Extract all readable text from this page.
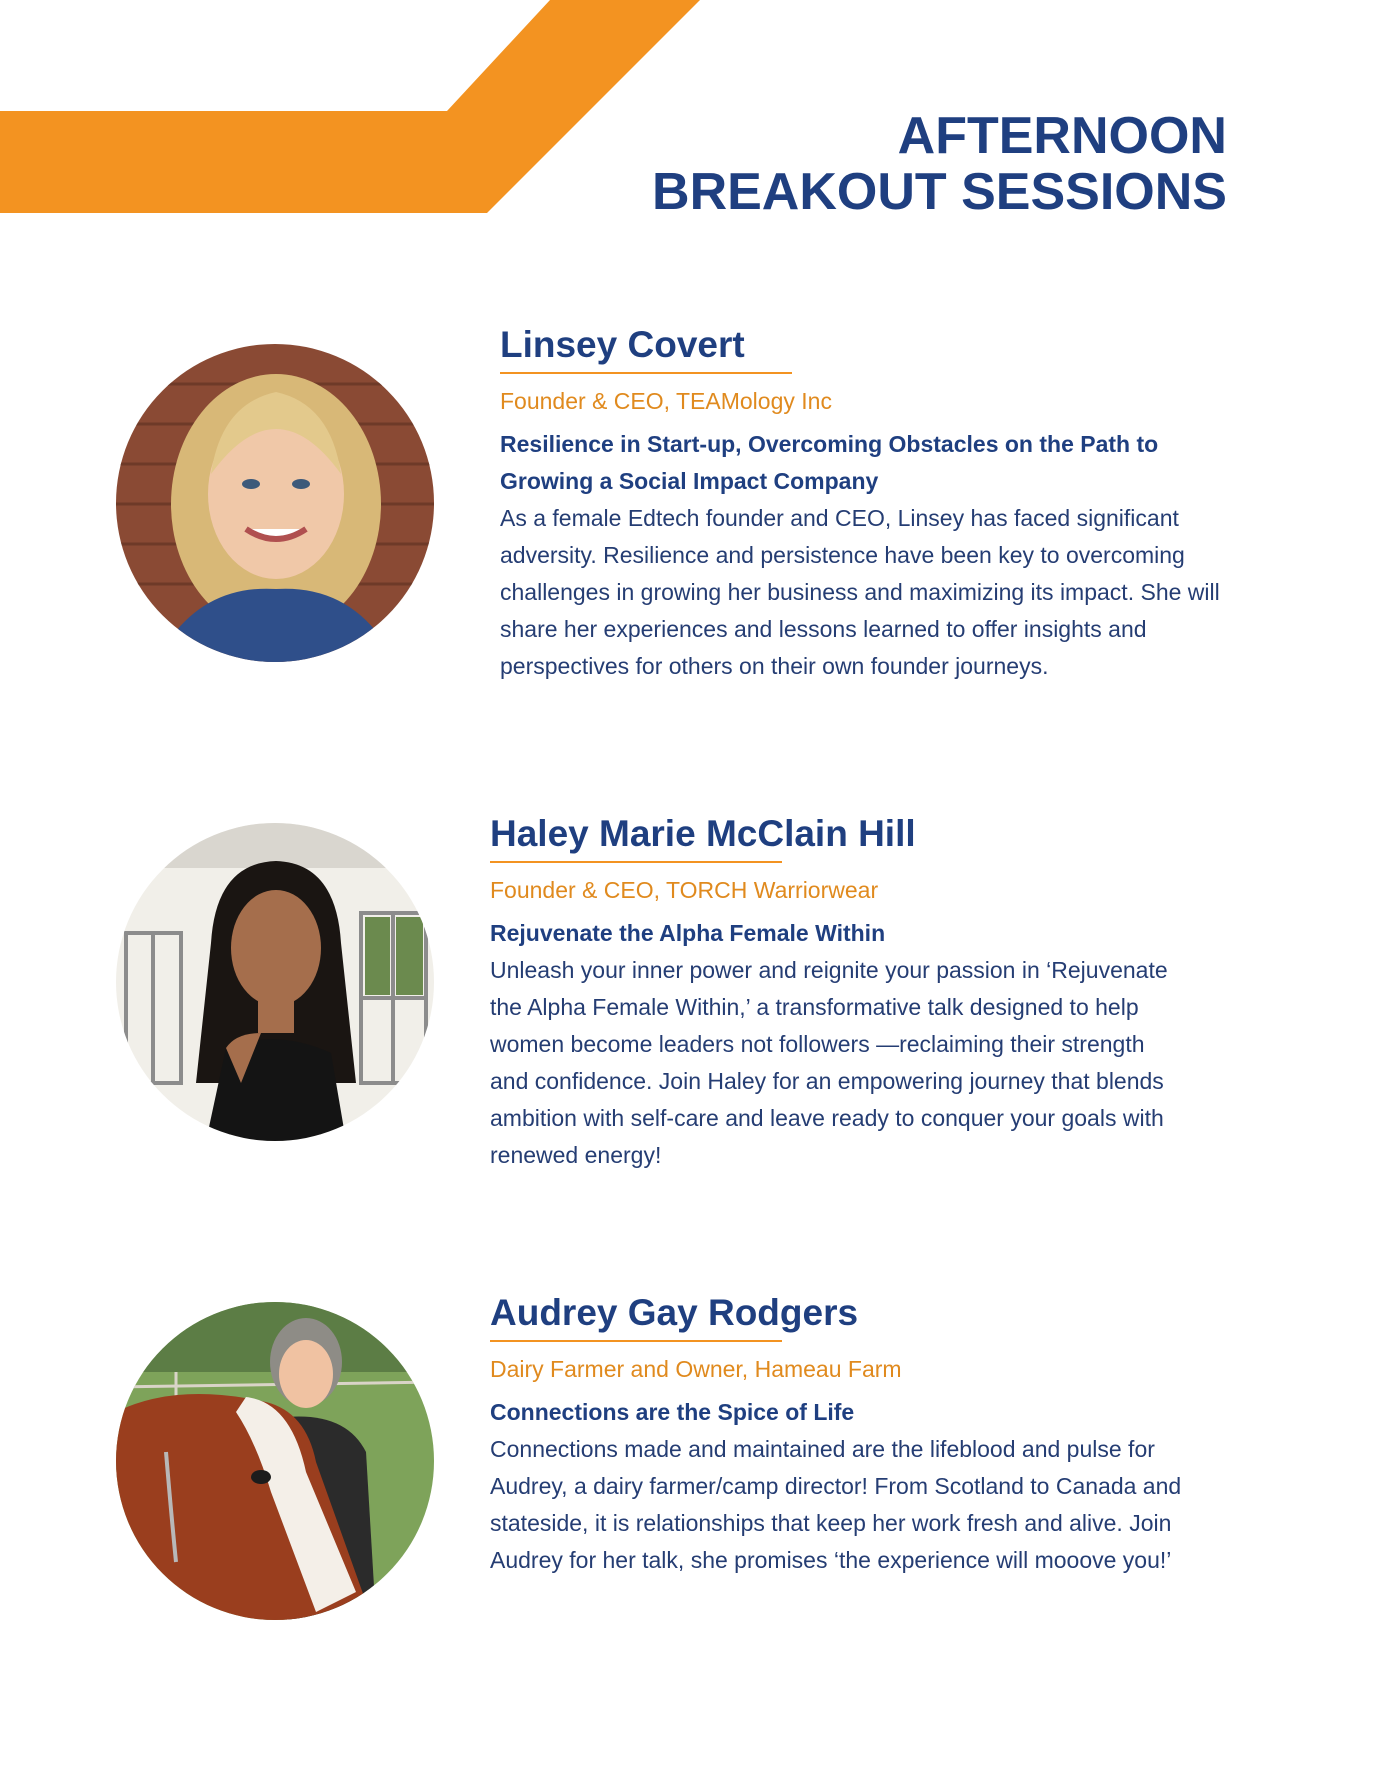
AFTERNOON
BREAKOUT SESSIONS
Linsey Covert
Founder & CEO, TEAMology Inc
Resilience in Start-up, Overcoming Obstacles on the Path to Growing a Social Impact Company
As a female Edtech founder and CEO, Linsey has faced significant adversity. Resilience and persistence have been key to overcoming challenges in growing her business and maximizing its impact. She will share her experiences and lessons learned to offer insights and perspectives for others on their own founder journeys.
Haley Marie McClain Hill
Founder & CEO, TORCH Warriorwear
Rejuvenate the Alpha Female Within
Unleash your inner power and reignite your passion in ‘Rejuvenate the Alpha Female Within,’ a transformative talk designed to help women become leaders not followers —reclaiming their strength and confidence. Join Haley for an empowering journey that blends ambition with self-care and leave ready to conquer your goals with renewed energy!
Audrey Gay Rodgers
Dairy Farmer and Owner, Hameau Farm
Connections are the Spice of Life
Connections made and maintained are the lifeblood and pulse for Audrey, a dairy farmer/camp director! From Scotland to Canada and stateside, it is relationships that keep her work fresh and alive. Join Audrey for her talk, she promises ‘the experience will mooove you!’
